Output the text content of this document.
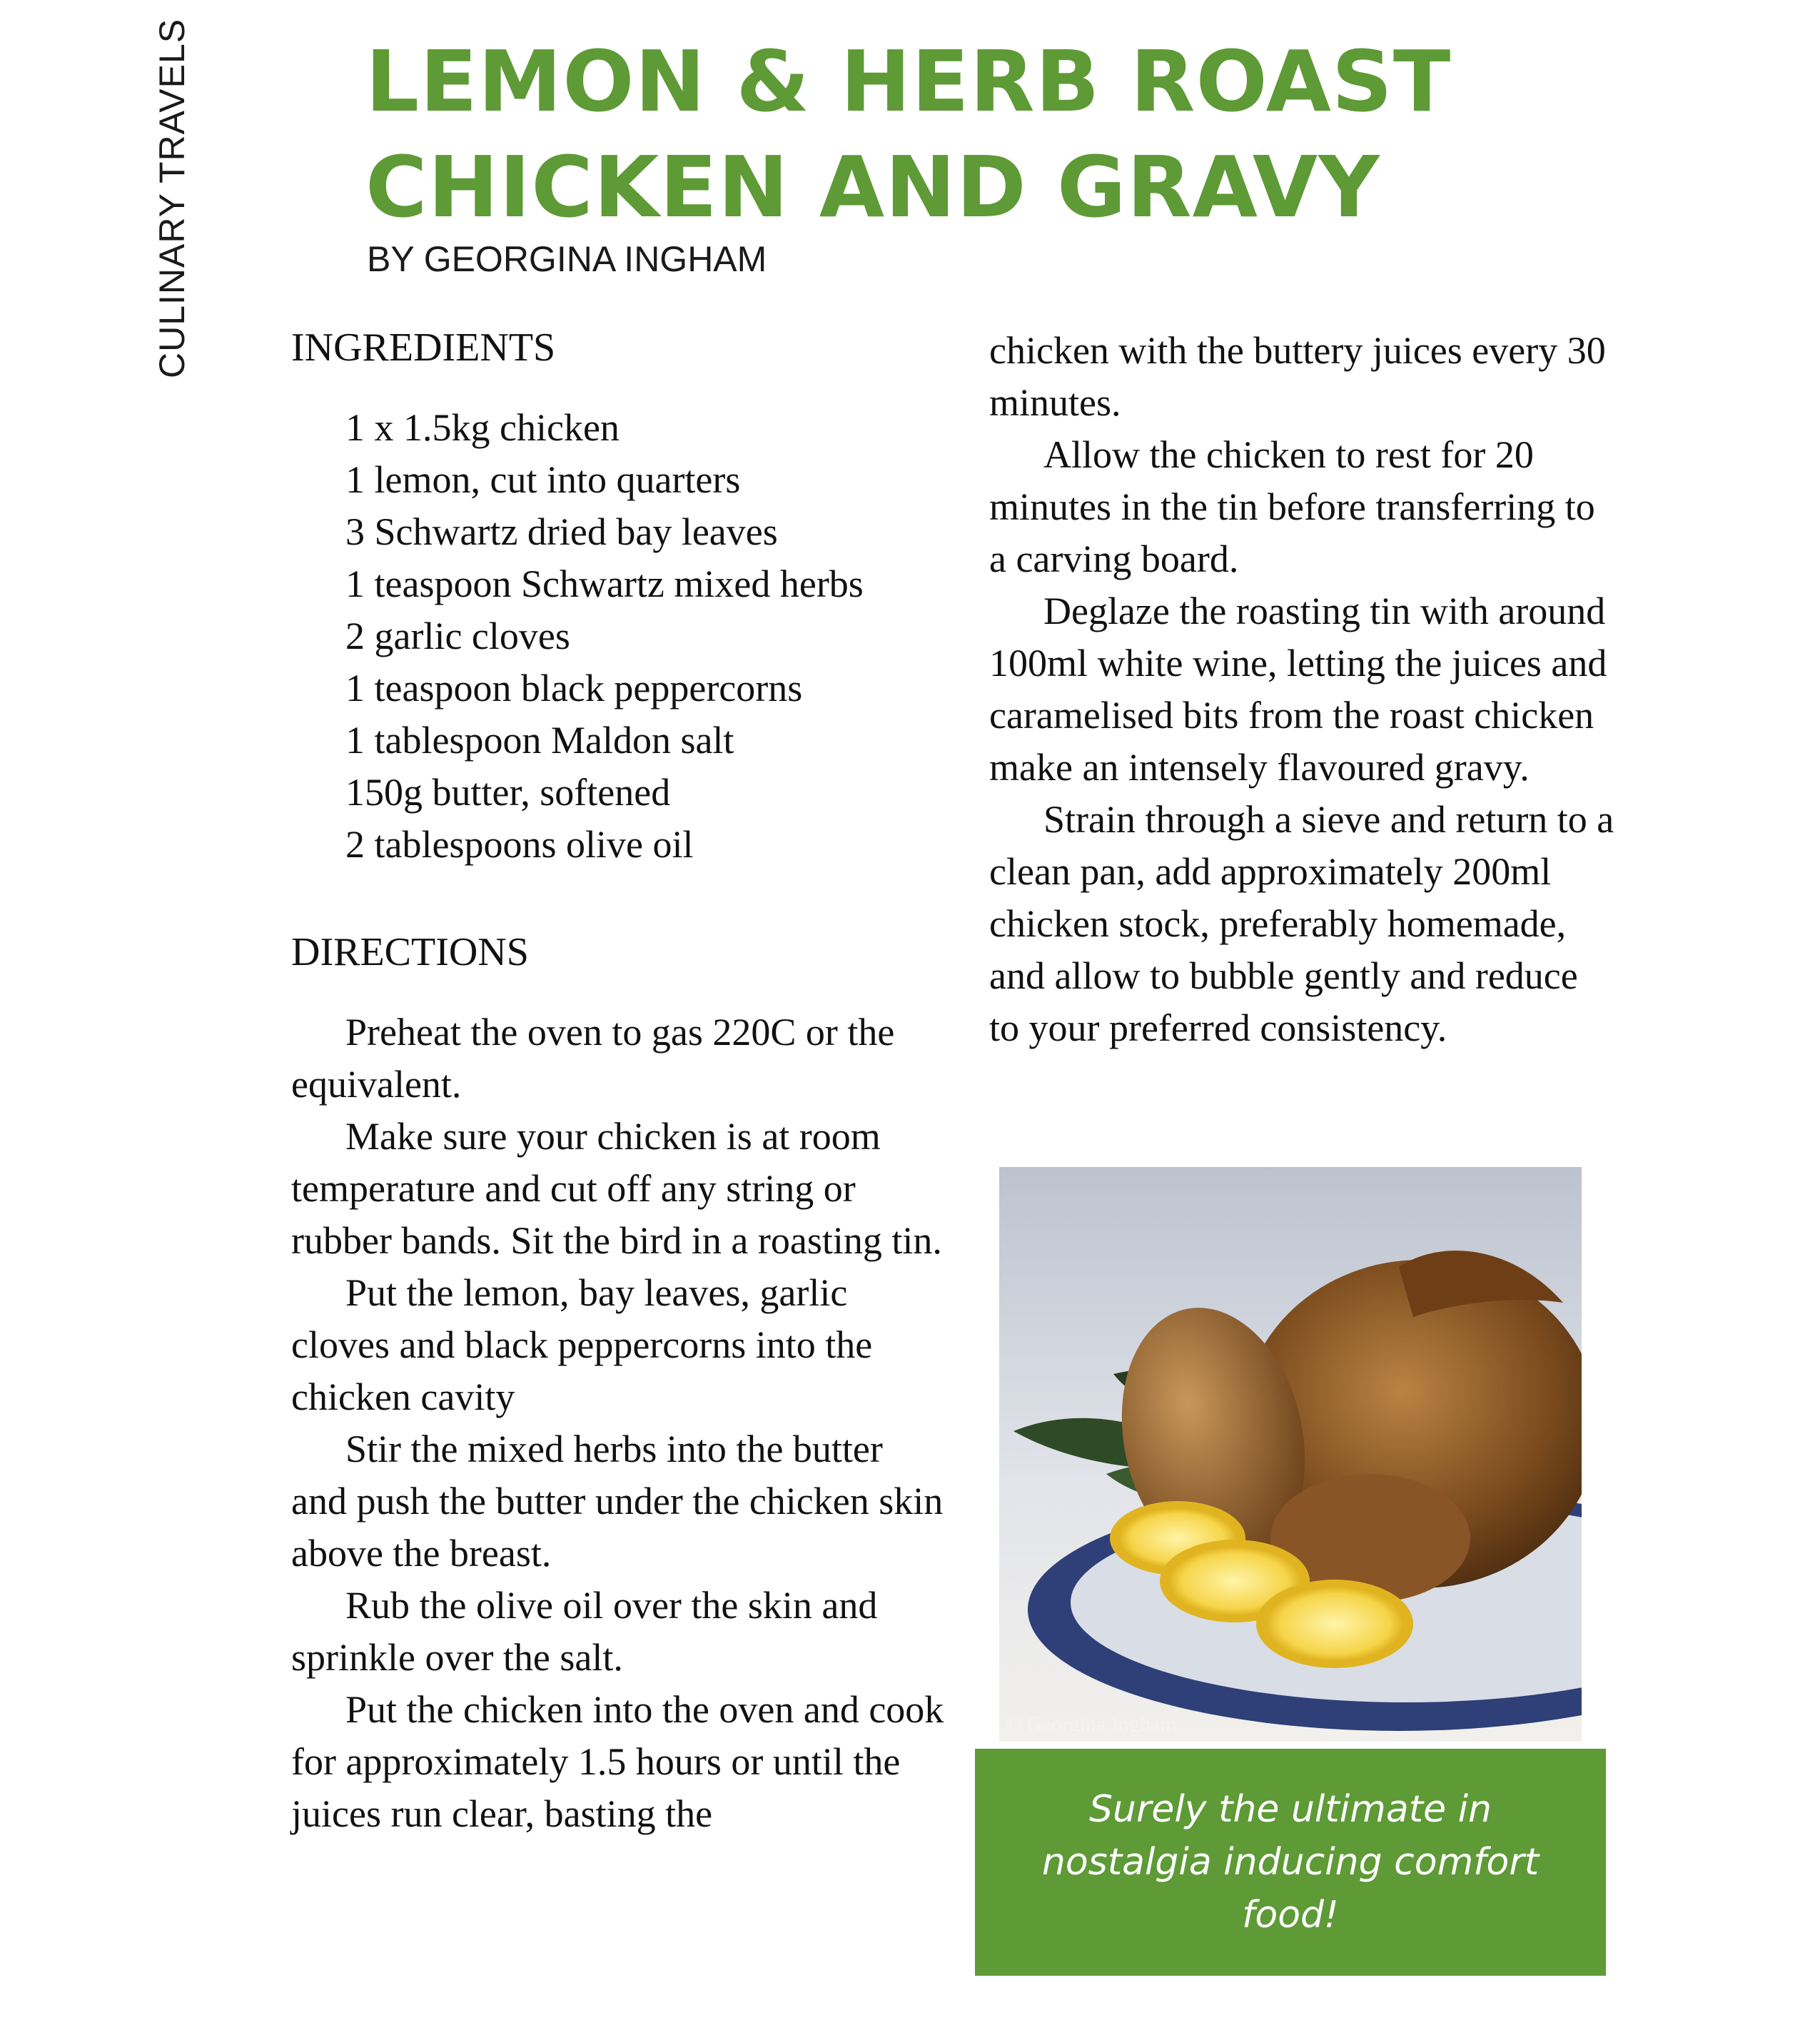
CULINARY TRAVELS LEMON & HERB ROAST
CHICKEN AND GRAVY
BY GEORGINA INGHAM
INGREDIENTS
1 x 1.5kg chicken
1 lemon, cut into quarters
3 Schwartz dried bay leaves
1 teaspoon Schwartz mixed herbs
2 garlic cloves
1 teaspoon black peppercorns
1 tablespoon Maldon salt
150g butter, softened
2 tablespoons olive oil
DIRECTIONS

Preheat the oven to gas 220C or the equivalent.

Make sure your chicken is at room temperature and cut off any string or rubber bands. Sit the bird in a roasting tin.

Put the lemon, bay leaves, garlic cloves and black peppercorns into the chicken cavity

Stir the mixed herbs into the butter and push the butter under the chicken skin above the breast.

Rub the olive oil over the skin and sprinkle over the salt.

Put the chicken into the oven and cook for approximately 1.5 hours or until the juices run clear, basting the

chicken with the buttery juices every 30 minutes.

Allow the chicken to rest for 20 minutes in the tin before transferring to a carving board.

Deglaze the roasting tin with around 100ml white wine, letting the juices and caramelised bits from the roast chicken make an intensely flavoured gravy.

Strain through a sieve and return to a clean pan, add approximately 200ml chicken stock, preferably homemade, and allow to bubble gently and reduce to your preferred consistency.

© Georgina Ingham
Surely the ultimate in nostalgia inducing comfort food!
